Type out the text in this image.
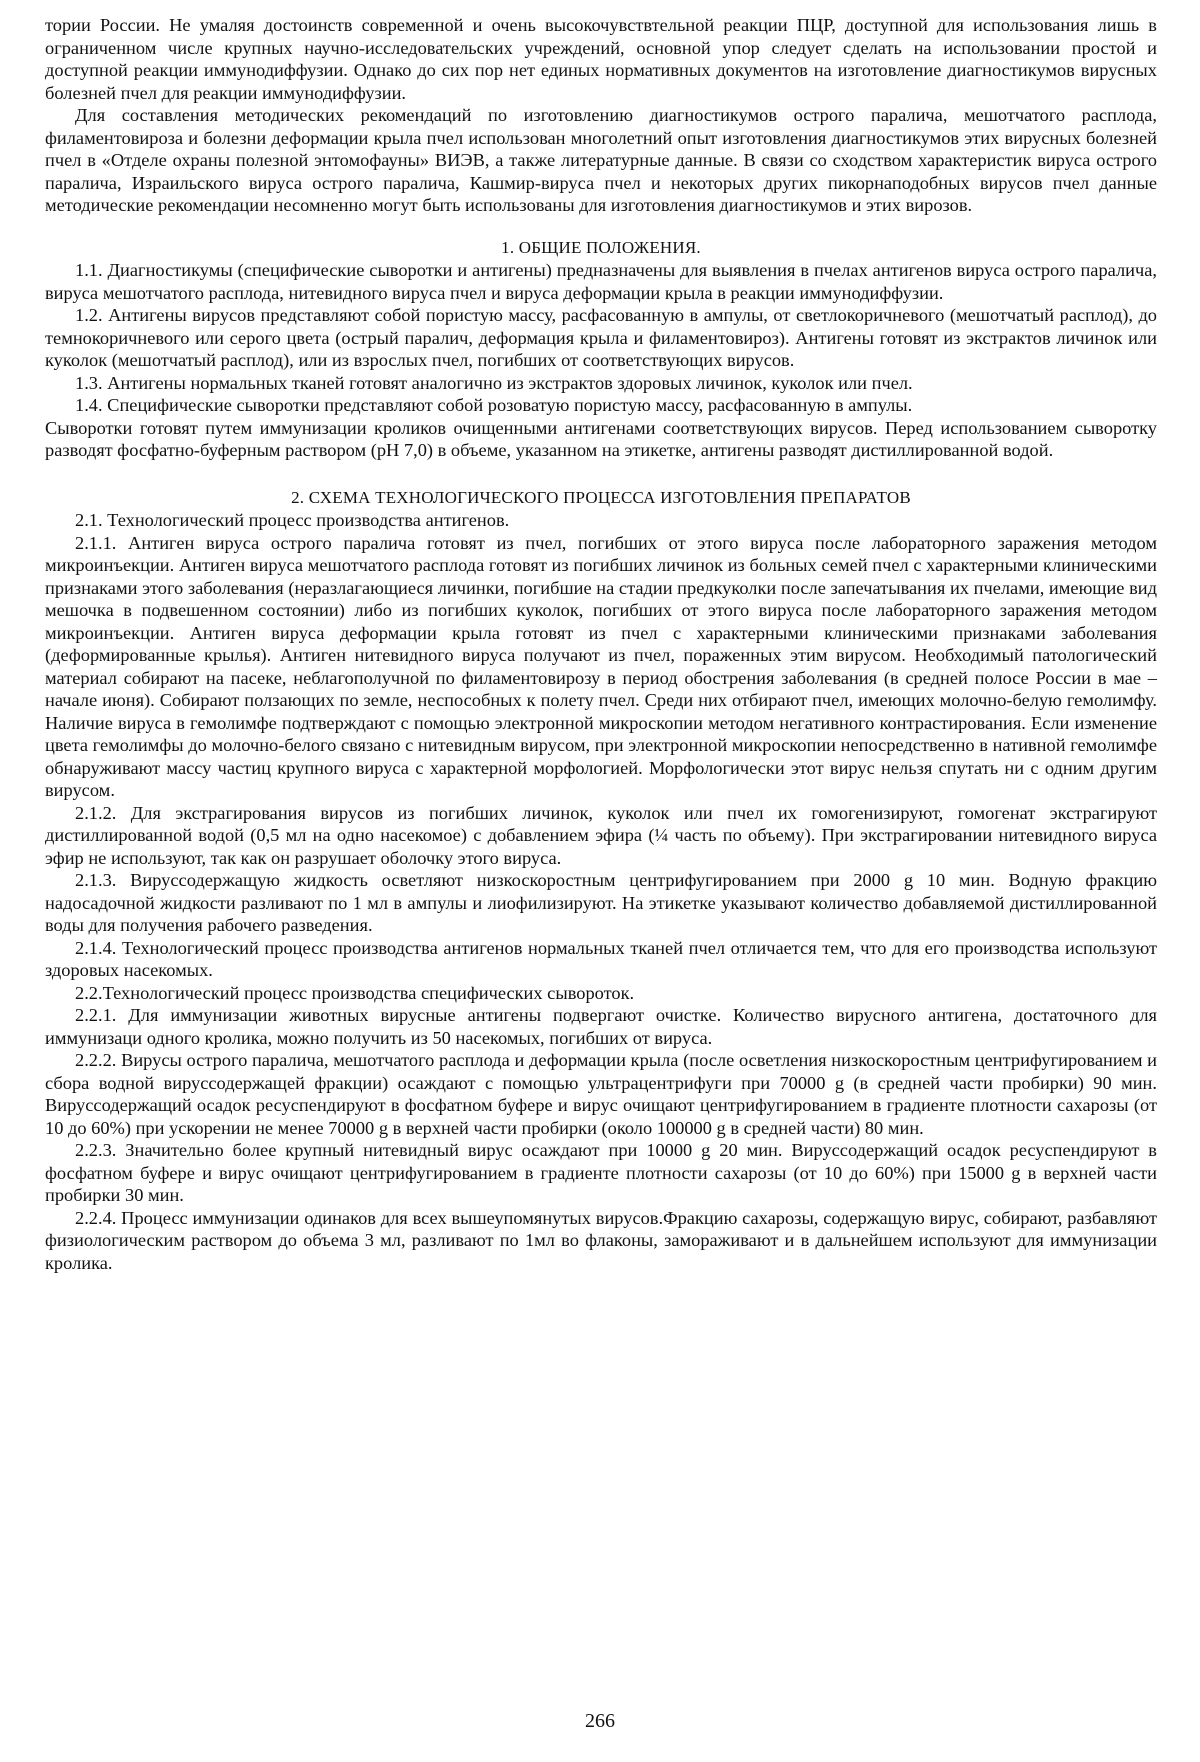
тории России. Не умаляя достоинств современной и очень высокочувствтельной реакции ПЦР, доступной для использования лишь в ограниченном числе крупных научно-исследовательских учреждений, основной упор следует сделать на использовании простой и доступной реакции иммунодиффузии. Однако до сих пор нет единых нормативных документов на изготовление диагностикумов вирусных болезней пчел для реакции иммунодиффузии.

Для составления методических рекомендаций по изготовлению диагностикумов острого паралича, мешотчатого расплода, филаментовироза и болезни деформации крыла пчел использован многолетний опыт изготовления диагностикумов этих вирусных болезней пчел в «Отделе охраны полезной энтомофауны» ВИЭВ, а также литературные данные. В связи со сходством характеристик вируса острого паралича, Израильского вируса острого паралича, Кашмир-вируса пчел и некоторых других пикорнаподобных вирусов пчел данные методические рекомендации несомненно могут быть использованы для изготовления диагностикумов и этих вирозов.

1. ОБЩИЕ ПОЛОЖЕНИЯ.

1.1. Диагностикумы (специфические сыворотки и антигены) предназначены для выявления в пчелах антигенов вируса острого паралича, вируса мешотчатого расплода, нитевидного вируса пчел и вируса деформации крыла в реакции иммунодиффузии.

1.2. Антигены вирусов представляют собой пористую массу, расфасованную в ампулы, от светлокоричневого (мешотчатый расплод), до темнокоричневого или серого цвета (острый паралич, деформация крыла и филаментовироз). Антигены готовят из экстрактов личинок или куколок (мешотчатый расплод), или из взрослых пчел, погибших от соответствующих вирусов.

1.3. Антигены нормальных тканей готовят аналогично из экстрактов здоровых личинок, куколок или пчел.

1.4. Специфические сыворотки представляют собой розоватую пористую массу, расфасованную в ампулы.

Сыворотки готовят путем иммунизации кроликов очищенными антигенами соответствующих вирусов. Перед использованием сыворотку разводят фосфатно-буферным раствором (pH 7,0) в объеме, указанном на этикетке, антигены разводят дистиллированной водой.

2. СХЕМА ТЕХНОЛОГИЧЕСКОГО ПРОЦЕССА ИЗГОТОВЛЕНИЯ ПРЕПАРАТОВ

2.1. Технологический процесс производства антигенов.

2.1.1. Антиген вируса острого паралича готовят из пчел, погибших от этого вируса после лабораторного заражения методом микроинъекции. Антиген вируса мешотчатого расплода готовят из погибших личинок из больных семей пчел с характерными клиническими признаками этого заболевания (неразлагающиеся личинки, погибшие на стадии предкуколки после запечатывания их пчелами, имеющие вид мешочка в подвешенном состоянии) либо из погибших куколок, погибших от этого вируса после лабораторного заражения методом микроинъекции. Антиген вируса деформации крыла готовят из пчел с характерными клиническими признаками заболевания (деформированные крылья). Антиген нитевидного вируса получают из пчел, пораженных этим вирусом. Необходимый патологический материал собирают на пасеке, неблагополучной по филаментовирозу в период обострения заболевания (в средней полосе России в мае – начале июня). Собирают ползающих по земле, неспособных к полету пчел. Среди них отбирают пчел, имеющих молочно-белую гемолимфу. Наличие вируса в гемолимфе подтверждают с помощью электронной микроскопии методом негативного контрастирования. Если изменение цвета гемолимфы до молочно-белого связано с нитевидным вирусом, при электронной микроскопии непосредственно в нативной гемолимфе обнаруживают массу частиц крупного вируса с характерной морфологией. Морфологически этот вирус нельзя спутать ни с одним другим вирусом.

2.1.2. Для экстрагирования вирусов из погибших личинок, куколок или пчел их гомогенизируют, гомогенат экстрагируют дистиллированной водой (0,5 мл на одно насекомое) с добавлением эфира (¼ часть по объему). При экстрагировании нитевидного вируса эфир не используют, так как он разрушает оболочку этого вируса.

2.1.3. Вируссодержащую жидкость осветляют низкоскоростным центрифугированием при 2000 g 10 мин. Водную фракцию надосадочной жидкости разливают по 1 мл в ампулы и лиофилизируют. На этикетке указывают количество добавляемой дистиллированной воды для получения рабочего разведения.

2.1.4. Технологический процесс производства антигенов нормальных тканей пчел отличается тем, что для его производства используют здоровых насекомых.

2.2.Технологический процесс производства специфических сывороток.

2.2.1. Для иммунизации животных вирусные антигены подвергают очистке. Количество вирусного антигена, достаточного для иммунизаци одного кролика, можно получить из 50 насекомых, погибших от вируса.

2.2.2. Вирусы острого паралича, мешотчатого расплода и деформации крыла (после осветления низкоскоростным центрифугированием и сбора водной вируссодержащей фракции) осаждают с помощью ультрацентрифуги при 70000 g (в средней части пробирки) 90 мин. Вируссодержащий осадок ресуспендируют в фосфатном буфере и вирус очищают центрифугированием в градиенте плотности сахарозы (от 10 до 60%) при ускорении не менее 70000 g в верхней части пробирки (около 100000 g в средней части) 80 мин.

2.2.3. Значительно более крупный нитевидный вирус осаждают при 10000 g 20 мин. Вируссодержащий осадок ресуспендируют в фосфатном буфере и вирус очищают центрифугированием в градиенте плотности сахарозы (от 10 до 60%) при 15000 g в верхней части пробирки 30 мин.

2.2.4. Процесс иммунизации одинаков для всех вышеупомянутых вирусов.Фракцию сахарозы, содержащую вирус, собирают, разбавляют физиологическим раствором до объема 3 мл, разливают по 1мл во флаконы, замораживают и в дальнейшем используют для иммунизации кролика.

266
